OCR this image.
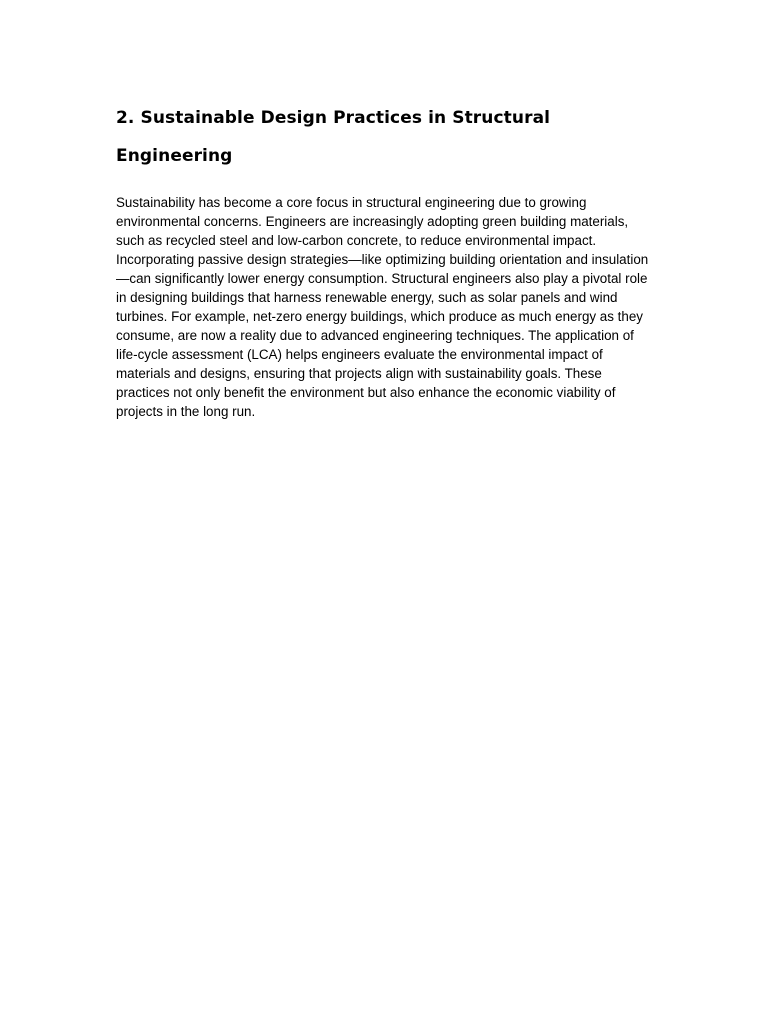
2. Sustainable Design Practices in Structural Engineering

Sustainability has become a core focus in structural engineering due to growing environmental concerns. Engineers are increasingly adopting green building materials, such as recycled steel and low-carbon concrete, to reduce environmental impact. Incorporating passive design strategies—like optimizing building orientation and insulation—can significantly lower energy consumption. Structural engineers also play a pivotal role in designing buildings that harness renewable energy, such as solar panels and wind turbines. For example, net-zero energy buildings, which produce as much energy as they consume, are now a reality due to advanced engineering techniques. The application of life-cycle assessment (LCA) helps engineers evaluate the environmental impact of materials and designs, ensuring that projects align with sustainability goals. These practices not only benefit the environment but also enhance the economic viability of projects in the long run.
